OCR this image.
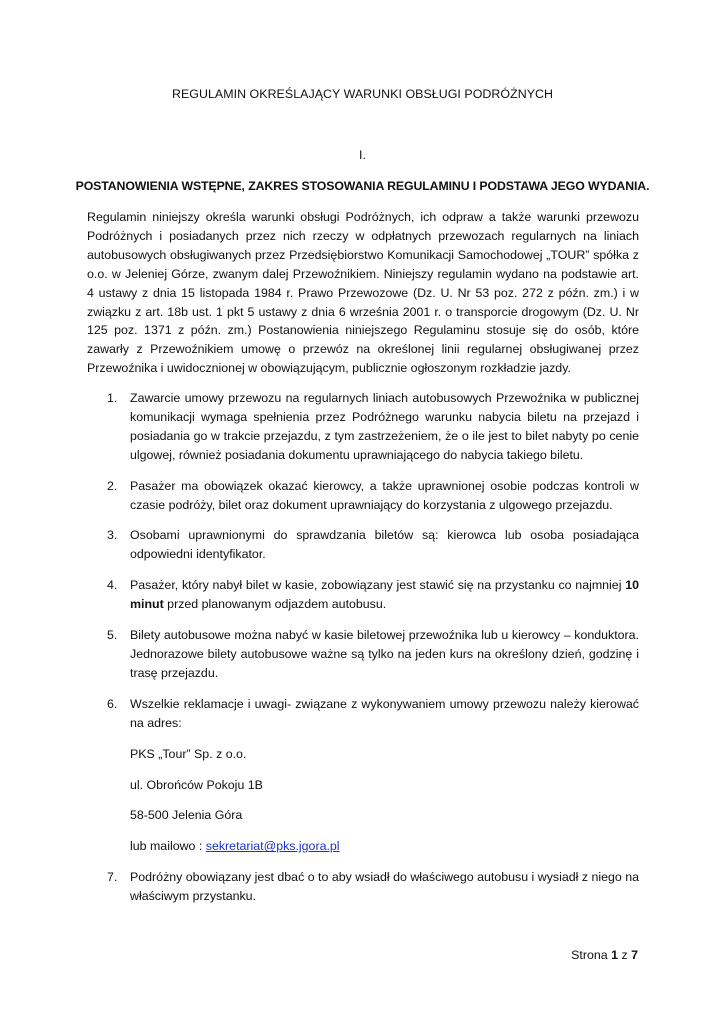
REGULAMIN OKREŚLAJĄCY WARUNKI OBSŁUGI PODRÓŻNYCH
I.
POSTANOWIENIA WSTĘPNE, ZAKRES STOSOWANIA REGULAMINU I PODSTAWA JEGO WYDANIA.

Regulamin niniejszy określa warunki obsługi Podróżnych, ich odpraw a także warunki przewozu Podróżnych i posiadanych przez nich rzeczy w odpłatnych przewozach regularnych na liniach autobusowych obsługiwanych przez Przedsiębiorstwo Komunikacji Samochodowej „TOUR” spółka z o.o. w Jeleniej Górze, zwanym dalej Przewoźnikiem. Niniejszy regulamin wydano na podstawie art. 4 ustawy z dnia 15 listopada 1984 r. Prawo Przewozowe (Dz. U. Nr 53 poz. 272 z późn. zm.) i w związku z art. 18b ust. 1 pkt 5 ustawy z dnia 6 września 2001 r. o transporcie drogowym (Dz. U. Nr 125 poz. 1371 z późn. zm.) Postanowienia niniejszego Regulaminu stosuje się do osób, które zawarły z Przewoźnikiem umowę o przewóz na określonej linii regularnej obsługiwanej przez Przewoźnika i uwidocznionej w obowiązującym, publicznie ogłoszonym rozkładzie jazdy.

1. Zawarcie umowy przewozu na regularnych liniach autobusowych Przewoźnika w publicznej komunikacji wymaga spełnienia przez Podróżnego warunku nabycia biletu na przejazd i posiadania go w trakcie przejazdu, z tym zastrzeżeniem, że o ile jest to bilet nabyty po cenie ulgowej, również posiadania dokumentu uprawniającego do nabycia takiego biletu.
2. Pasażer ma obowiązek okazać kierowcy, a także uprawnionej osobie podczas kontroli w czasie podróży, bilet oraz dokument uprawniający do korzystania z ulgowego przejazdu.
3. Osobami uprawnionymi do sprawdzania biletów są: kierowca lub osoba posiadająca odpowiedni identyfikator.
4. Pasażer, który nabył bilet w kasie, zobowiązany jest stawić się na przystanku co najmniej 10 minut przed planowanym odjazdem autobusu.
5. Bilety autobusowe można nabyć w kasie biletowej przewoźnika lub u kierowcy – konduktora. Jednorazowe bilety autobusowe ważne są tylko na jeden kurs na określony dzień, godzinę i trasę przejazdu.
6. Wszelkie reklamacje i uwagi- związane z wykonywaniem umowy przewozu należy kierować na adres:
PKS „Tour” Sp. z o.o.
ul. Obrońców Pokoju 1B
58-500 Jelenia Góra
lub mailowo : sekretariat@pks.jgora.pl
7. Podróżny obowiązany jest dbać o to aby wsiadł do właściwego autobusu i wysiadł z niego na właściwym przystanku.
Strona 1 z 7
